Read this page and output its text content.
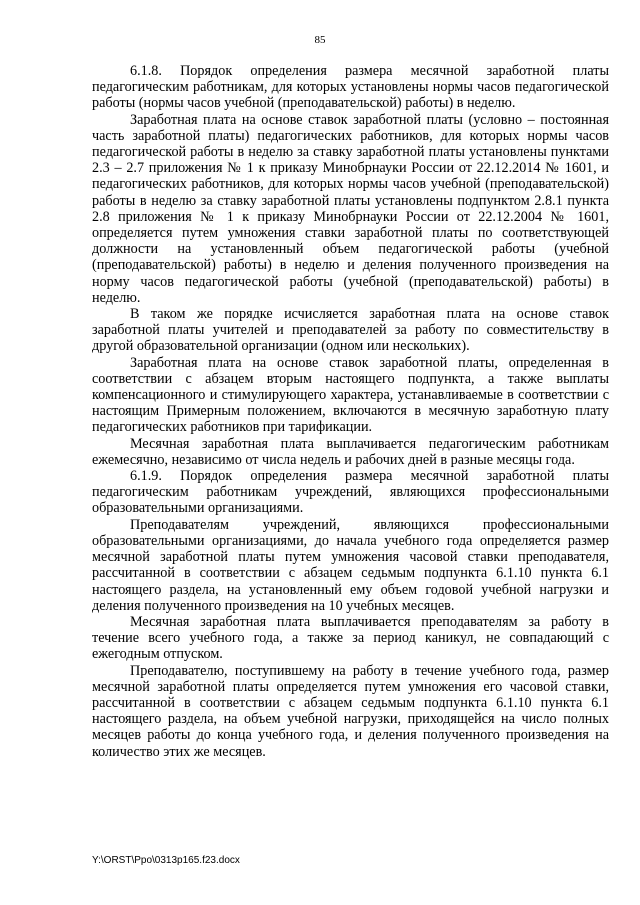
85

6.1.8. Порядок определения размера месячной заработной платы педагогическим работникам, для которых установлены нормы часов педагогической работы (нормы часов учебной (преподавательской) работы) в неделю.

Заработная плата на основе ставок заработной платы (условно – постоянная часть заработной платы) педагогических работников, для которых нормы часов педагогической работы в неделю за ставку заработной платы установлены пунктами 2.3 – 2.7 приложения № 1 к приказу Минобрнауки России от 22.12.2014 № 1601, и педагогических работников, для которых нормы часов учебной (преподавательской) работы в неделю за ставку заработной платы установлены подпунктом 2.8.1 пункта 2.8 приложения № 1 к приказу Минобрнауки России от 22.12.2004 № 1601, определяется путем умножения ставки заработной платы по соответствующей должности на установленный объем педагогической работы (учебной (преподавательской) работы) в неделю и деления полученного произведения на норму часов педагогической работы (учебной (преподавательской) работы) в неделю.

В таком же порядке исчисляется заработная плата на основе ставок заработной платы учителей и преподавателей за работу по совместительству в другой образовательной организации (одном или нескольких).

Заработная плата на основе ставок заработной платы, определенная в соответствии с абзацем вторым настоящего подпункта, а также выплаты компенсационного и стимулирующего характера, устанавливаемые в соответствии с настоящим Примерным положением, включаются в месячную заработную плату педагогических работников при тарификации.

Месячная заработная плата выплачивается педагогическим работникам ежемесячно, независимо от числа недель и рабочих дней в разные месяцы года.

6.1.9. Порядок определения размера месячной заработной платы педагогическим работникам учреждений, являющихся профессиональными образовательными организациями.

Преподавателям учреждений, являющихся профессиональными образовательными организациями, до начала учебного года определяется размер месячной заработной платы путем умножения часовой ставки преподавателя, рассчитанной в соответствии с абзацем седьмым подпункта 6.1.10 пункта 6.1 настоящего раздела, на установленный ему объем годовой учебной нагрузки и деления полученного произведения на 10 учебных месяцев.

Месячная заработная плата выплачивается преподавателям за работу в течение всего учебного года, а также за период каникул, не совпадающий с ежегодным отпуском.

Преподавателю, поступившему на работу в течение учебного года, размер месячной заработной платы определяется путем умножения его часовой ставки, рассчитанной в соответствии с абзацем седьмым подпункта 6.1.10 пункта 6.1 настоящего раздела, на объем учебной нагрузки, приходящейся на число полных месяцев работы до конца учебного года, и деления полученного произведения на количество этих же месяцев.

Y:\ORST\Ppo\0313p165.f23.docx
